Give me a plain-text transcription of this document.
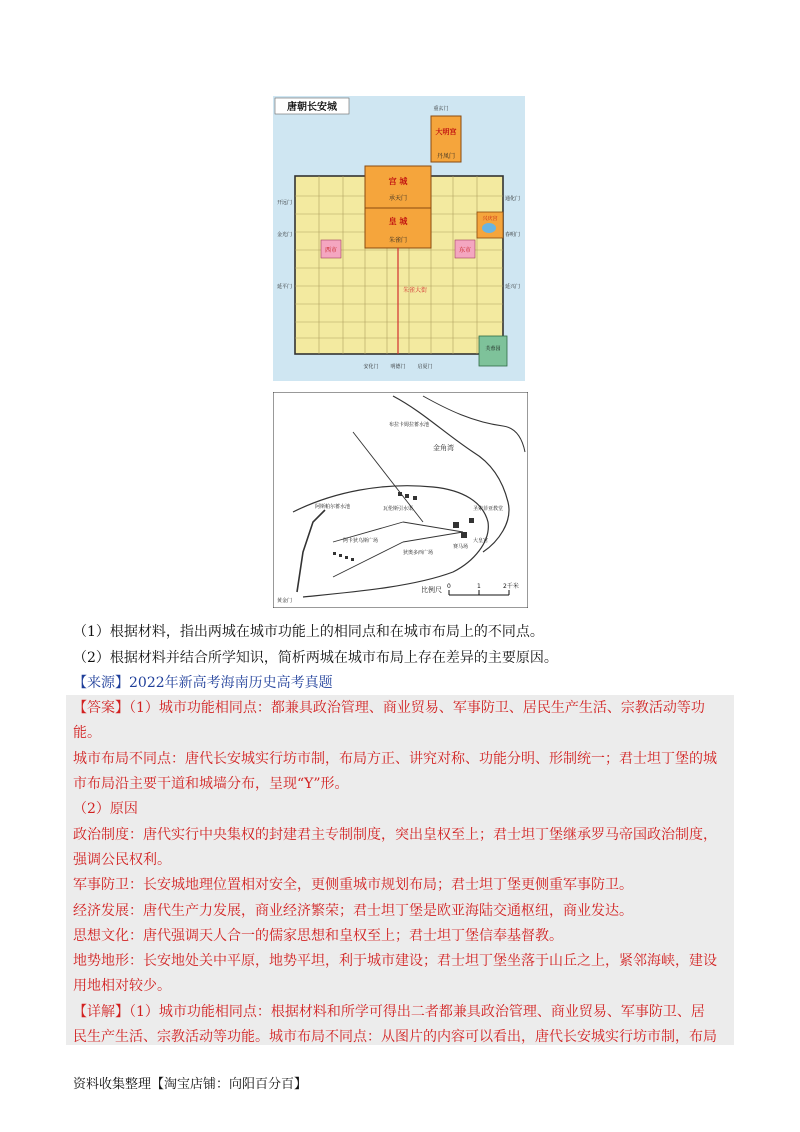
唐朝长安城
宫 城
承天门
皇 城
朱雀门
大明宫
丹凤门
重玄门
西市	东市
兴庆宫
芙蓉园
朱雀大街
开远门
金光门
延平门
通化门
春明门
延兴门
明德门
安化门	启夏门
金角湾
布拉卡姆拉蓄水池
瓦伦斯引水渠
阿斯帕尔蓄水池
阿卡狄乌斯广场
狄奥多西广场
赛马场
圣索菲亚教堂
大皇宫
黄金门
比例尺 0	1	2千米
（1）根据材料，指出两城在城市功能上的相同点和在城市布局上的不同点。
（2）根据材料并结合所学知识，简析两城在城市布局上存在差异的主要原因。
【来源】2022年新高考海南历史高考真题
【答案】（1）城市功能相同点：都兼具政治管理、商业贸易、军事防卫、居民生产生活、宗教活动等功
能。
城市布局不同点：唐代长安城实行坊市制，布局方正、讲究对称、功能分明、形制统一；君士坦丁堡的城
市布局沿主要干道和城墙分布，呈现“Y”形。
（2）原因
政治制度：唐代实行中央集权的封建君主专制制度，突出皇权至上；君士坦丁堡继承罗马帝国政治制度，
强调公民权利。
军事防卫：长安城地理位置相对安全，更侧重城市规划布局；君士坦丁堡更侧重军事防卫。
经济发展：唐代生产力发展，商业经济繁荣；君士坦丁堡是欧亚海陆交通枢纽，商业发达。
思想文化：唐代强调天人合一的儒家思想和皇权至上；君士坦丁堡信奉基督教。
地势地形：长安地处关中平原，地势平坦，利于城市建设；君士坦丁堡坐落于山丘之上，紧邻海峡，建设
用地相对较少。
【详解】（1）城市功能相同点：根据材料和所学可得出二者都兼具政治管理、商业贸易、军事防卫、居
民生产生活、宗教活动等功能。城市布局不同点：从图片的内容可以看出，唐代长安城实行坊市制，布局
资料收集整理【淘宝店铺：向阳百分百】
